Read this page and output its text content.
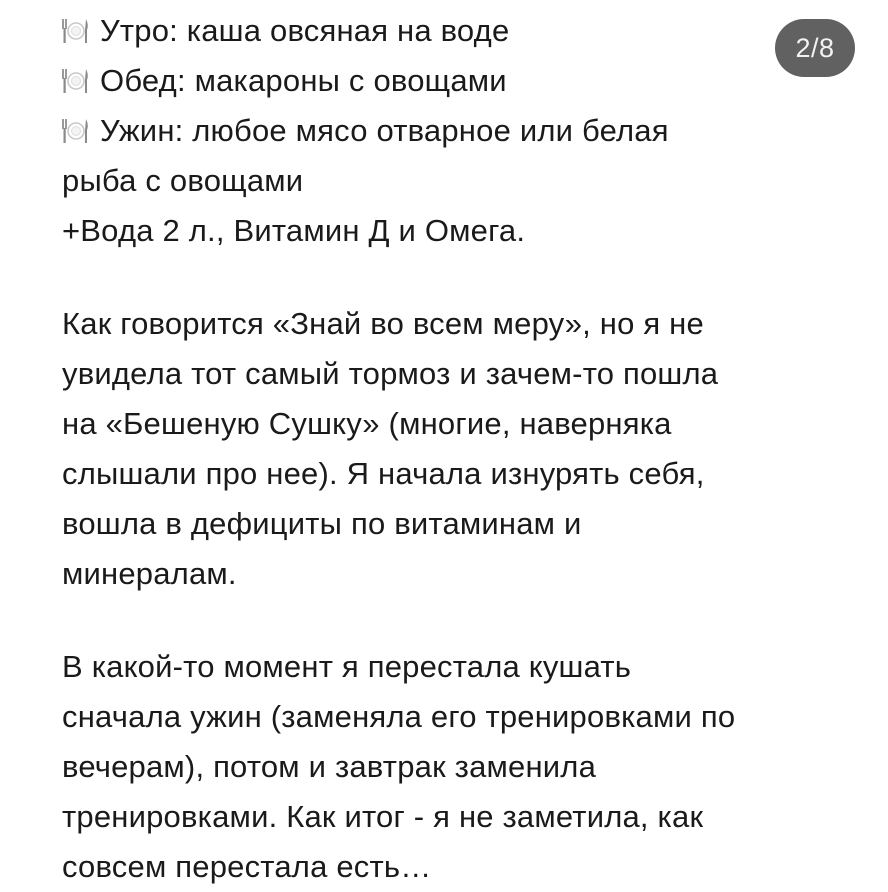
2/8
Утро: каша овсяная на воде
Обед: макароны с овощами
Ужин: любое мясо отварное или белая
рыба с овощами
+Вода 2 л., Витамин Д и Омега.
Как говорится «Знай во всем меру», но я не
увидела тот самый тормоз и зачем-то пошла
на «Бешеную Сушку» (многие, наверняка
слышали про нее). Я начала изнурять себя,
вошла в дефициты по витаминам и
минералам.
В какой-то момент я перестала кушать
сначала ужин (заменяла его тренировками по
вечерам), потом и завтрак заменила
тренировками. Как итог - я не заметила, как
совсем перестала есть…
